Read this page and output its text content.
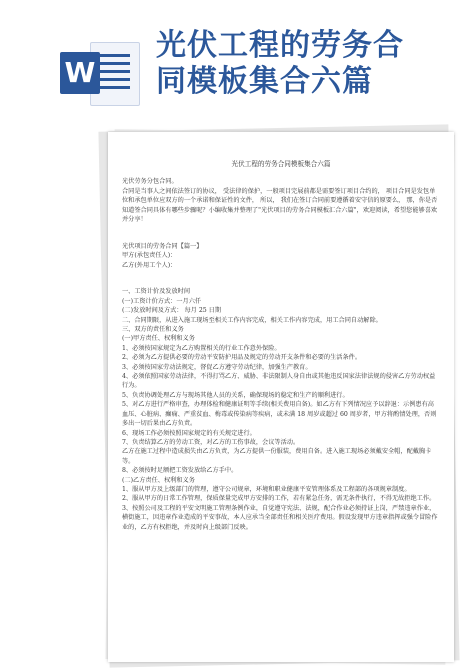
W
光伏工程的劳务合
同模板集合六篇
光伏工程的劳务合同模板集合六篇

光伏劳务分包合同。

合同是当事人之间依法签订的协议， 受法律的保护，一般项目完展前都是需要签订项目合约的， 项目合同是发包单位和承包单位应双方的一个承诺和保证性的文件， 所以， 我们在签订合同前要遵循着安守信的原要么， 那，你是否知道签合同具体有哪些步骤呢？小编收集并整理了"光伏项目的劳务合同模板汇合六篇"，欢迎阅读，希望您能够喜欢并分享！

光伏项目的劳务合同【篇一】

甲方(承包责任人)：

乙方(外用工个人)：

一、工资计价及发放时间

(一)工资计价方式：一月六仟

(二)发放时间及方式： 每月 25 日期

二、合同期限，从进入施工现场至相关工作内容完成，相关工作内容完成，用工合同自动解除。

三、双方的责任和义务

(一)甲方责任、权利和义务

1、必须按国家规定为乙方购置相关的行业工作意外保险。

2、必须为乙方提供必要的劳动平安防护用品及规定的劳动开支条件和必要的生活条件。

3、必须按国家劳动法规定，督促乙方遵守劳动纪律，加强生产教育。

4、必须依照国家劳动法律，不得打骂乙方、威胁、非法限制人身自由或其他违反国家法律法规的侵害乙方劳动权益行为。

5、负责协调处理乙方与现场其他人员的关系，确保现场的稳定和生产的顺利进行。

5、对乙方进行严格审查，办理体检和健康证明等手续(相关费用自备)。如乙方有下列情况应予以辞退：示例患有高血压、心脏病、癫痫、严重贫血、梅毒或传染病等疾病，或未满 18 周岁或超过 60 周岁者，甲方将酌情处理，否则多出一切后果由乙方负责。

6、现场工作必须按照国家规定的有关规定进行。

7、负责结算乙方的劳动工资，对乙方的工伤事故，会议等活动。

乙方在施工过程中造成损失由乙方负责，为乙方提供一份服装，费用自备。进入施工现场必须戴安全帽，配戴胸卡等。

8、必须按时足额把工资发放给乙方手中。

(二)乙方责任、权利和义务

1、服从甲方及上级部门的管理，遵守公司规章，环境和职业健康平安管理体系及工程部的各项规章制度。

2、服从甲方的日常工作管理，保质保量完成甲方安排的工作，若有紧急任务，需无条件执行，不得无故拒绝工作。

3、按照公司及工程的平安文明施工管理条例作业，自觉遵守宪法、法规，配合作业必须持证上岗，严禁违章作业，横街施工，因违章作业造成的平安事故，本人应承当全部责任和相关医疗费用。假设发现甲方违章指挥或强令冒险作业的，乙方有权拒绝，并及时向上级部门反映。
